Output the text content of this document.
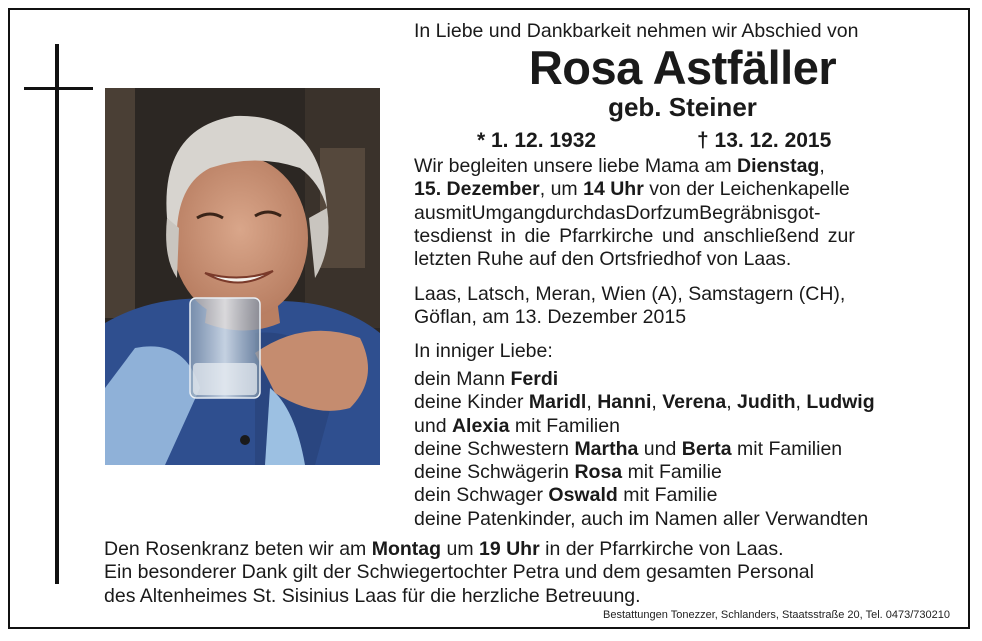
In Liebe und Dankbarkeit nehmen wir Abschied von
Rosa Astfäller
geb. Steiner
* 1. 12. 1932	† 13. 12. 2015
Wir begleiten unsere liebe Mama am Dienstag,
15. Dezember, um 14 Uhr von der Leichenkapelle
ausmitUmgangdurchdasDorfzumBegräbnisgot-
tesdienst in die Pfarrkirche und anschließend zur
letzten Ruhe auf den Ortsfriedhof von Laas.
Laas, Latsch, Meran, Wien (A), Samstagern (CH),
Göflan, am 13. Dezember 2015
In inniger Liebe:
dein Mann Ferdi
deine Kinder Maridl, Hanni, Verena, Judith, Ludwig
und Alexia mit Familien
deine Schwestern Martha und Berta mit Familien
deine Schwägerin Rosa mit Familie
dein Schwager Oswald mit Familie
deine Patenkinder, auch im Namen aller Verwandten
Den Rosenkranz beten wir am Montag um 19 Uhr in der Pfarrkirche von Laas.
Ein besonderer Dank gilt der Schwiegertochter Petra und dem gesamten Personal
des Altenheimes St. Sisinius Laas für die herzliche Betreuung.
Bestattungen Tonezzer, Schlanders, Staatsstraße 20, Tel. 0473/730210
